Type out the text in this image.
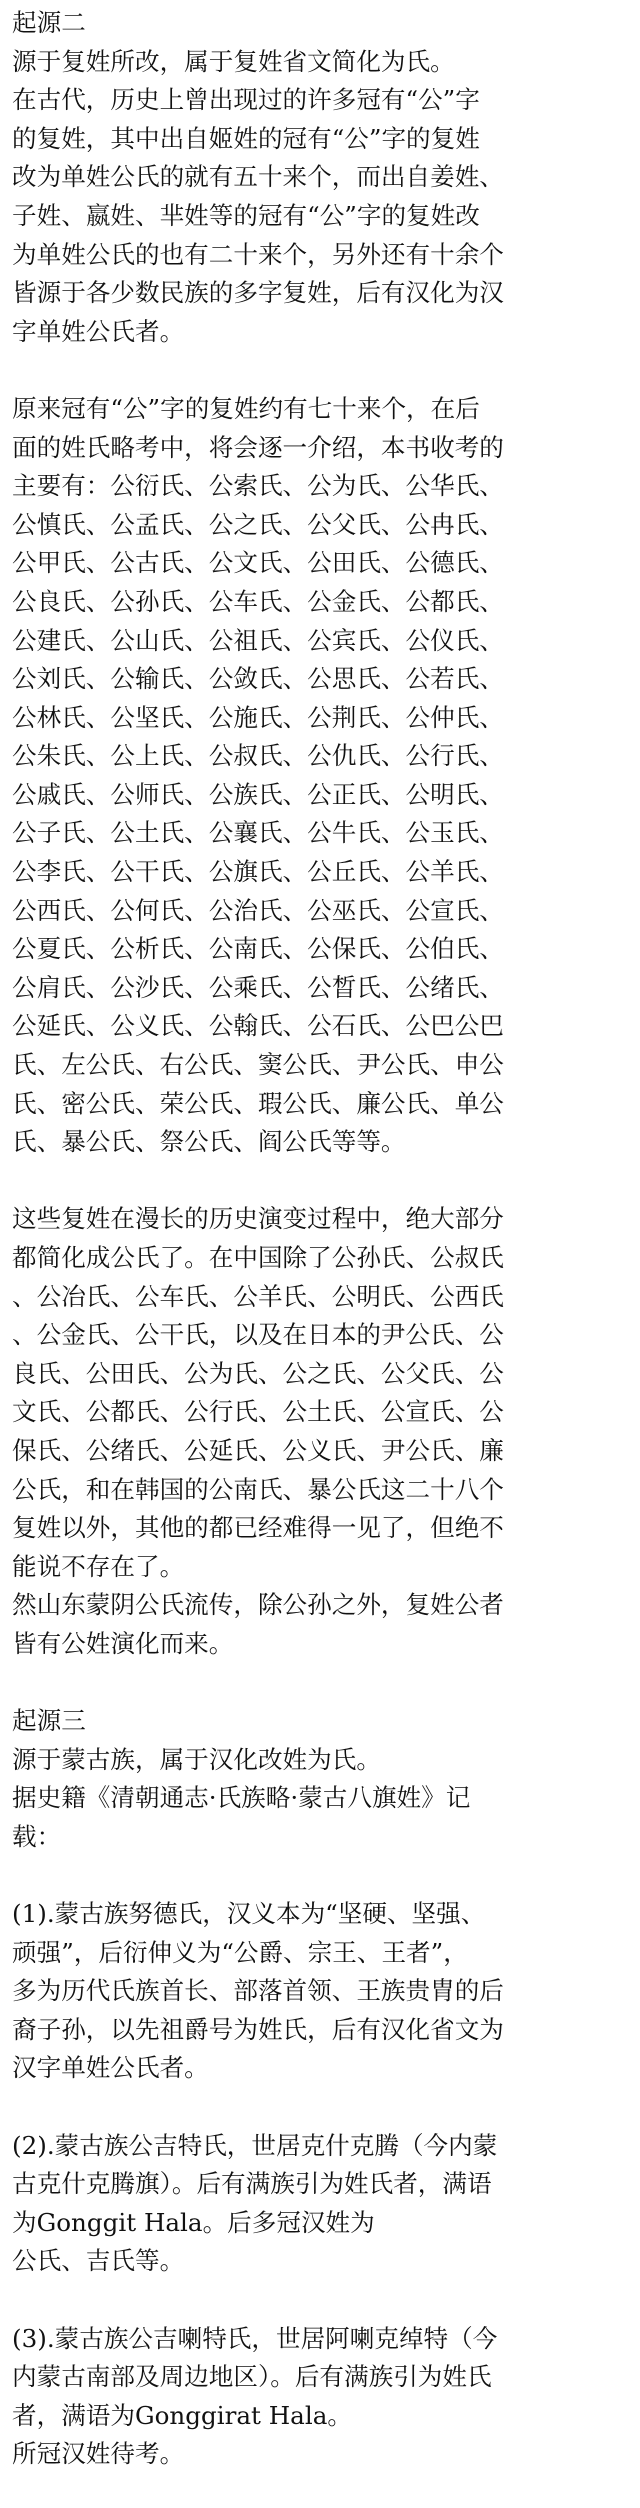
起源二
源于复姓所改，属于复姓省文简化为氏。
在古代，历史上曾出现过的许多冠有“公”字
的复姓，其中出自姬姓的冠有“公”字的复姓
改为单姓公氏的就有五十来个，而出自姜姓、
子姓、嬴姓、芈姓等的冠有“公”字的复姓改
为单姓公氏的也有二十来个，另外还有十余个
皆源于各少数民族的多字复姓，后有汉化为汉
字单姓公氏者。
原来冠有“公”字的复姓约有七十来个，在后
面的姓氏略考中，将会逐一介绍，本书收考的
主要有：公衍氏、公索氏、公为氏、公华氏、
公慎氏、公孟氏、公之氏、公父氏、公冉氏、
公甲氏、公古氏、公文氏、公田氏、公德氏、
公良氏、公孙氏、公车氏、公金氏、公都氏、
公建氏、公山氏、公祖氏、公宾氏、公仪氏、
公刘氏、公输氏、公敛氏、公思氏、公若氏、
公林氏、公坚氏、公施氏、公荆氏、公仲氏、
公朱氏、公上氏、公叔氏、公仇氏、公行氏、
公戚氏、公师氏、公族氏、公正氏、公明氏、
公子氏、公土氏、公襄氏、公牛氏、公玉氏、
公李氏、公干氏、公旗氏、公丘氏、公羊氏、
公西氏、公何氏、公治氏、公巫氏、公宣氏、
公夏氏、公析氏、公南氏、公保氏、公伯氏、
公肩氏、公沙氏、公乘氏、公晳氏、公绪氏、
公延氏、公义氏、公翰氏、公石氏、公巴公巴
氏、左公氏、右公氏、窦公氏、尹公氏、申公
氏、密公氏、荣公氏、瑕公氏、廉公氏、单公
氏、暴公氏、祭公氏、阎公氏等等。
这些复姓在漫长的历史演变过程中，绝大部分
都简化成公氏了。在中国除了公孙氏、公叔氏
、公冶氏、公车氏、公羊氏、公明氏、公西氏
、公金氏、公干氏，以及在日本的尹公氏、公
良氏、公田氏、公为氏、公之氏、公父氏、公
文氏、公都氏、公行氏、公土氏、公宣氏、公
保氏、公绪氏、公延氏、公义氏、尹公氏、廉
公氏，和在韩国的公南氏、暴公氏这二十八个
复姓以外，其他的都已经难得一见了，但绝不
能说不存在了。
然山东蒙阴公氏流传，除公孙之外，复姓公者
皆有公姓演化而来。
起源三
源于蒙古族，属于汉化改姓为氏。
据史籍《清朝通志·氏族略·蒙古八旗姓》记
载：
(1).蒙古族努德氏，汉义本为“坚硬、坚强、
顽强”，后衍伸义为“公爵、宗王、王者”，
多为历代氏族首长、部落首领、王族贵胄的后
裔子孙，以先祖爵号为姓氏，后有汉化省文为
汉字单姓公氏者。
(2).蒙古族公吉特氏，世居克什克腾（今内蒙
古克什克腾旗）。后有满族引为姓氏者，满语
为Gonggit Hala。后多冠汉姓为
公氏、吉氏等。
(3).蒙古族公吉喇特氏，世居阿喇克绰特（今
内蒙古南部及周边地区）。后有满族引为姓氏
者，满语为Gonggirat Hala。
所冠汉姓待考。
